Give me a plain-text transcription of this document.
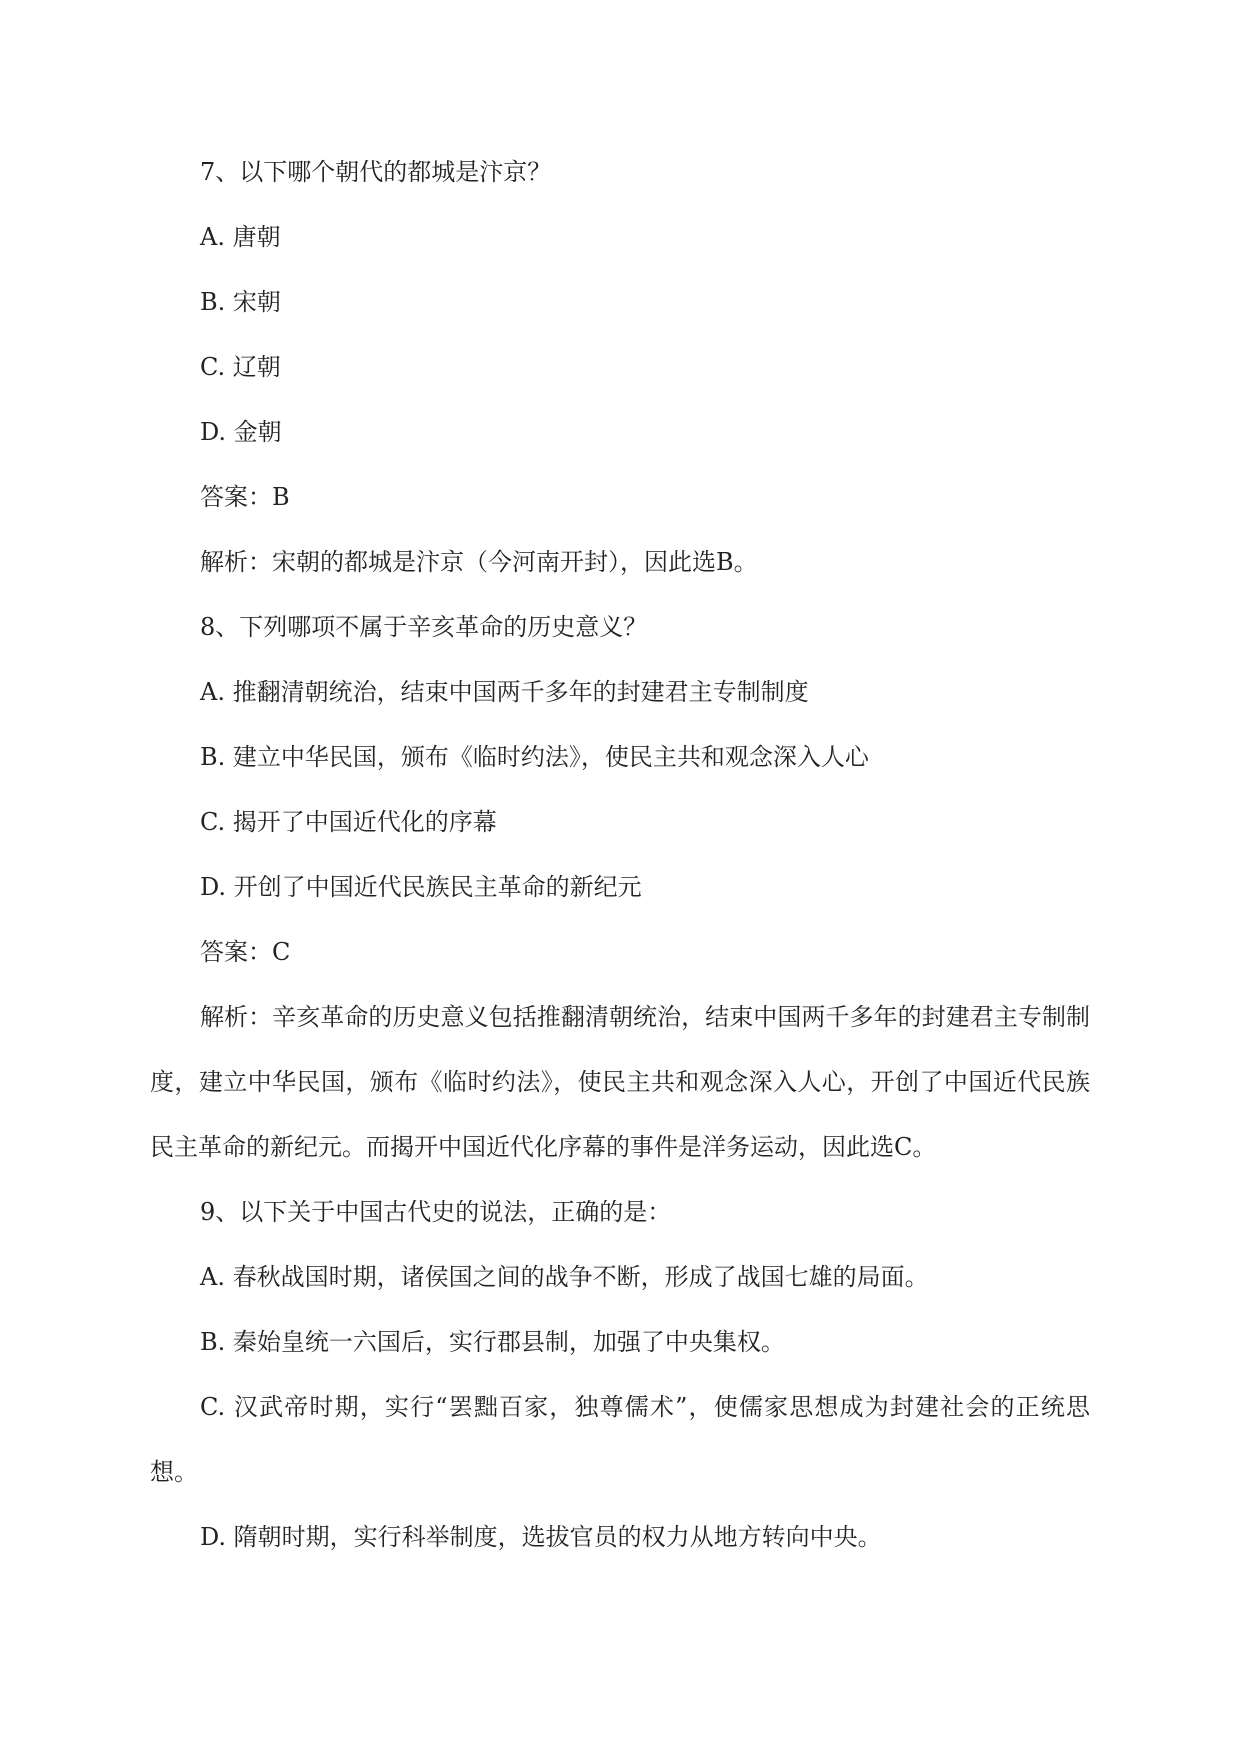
7、以下哪个朝代的都城是汴京？
A. 唐朝
B. 宋朝
C. 辽朝
D. 金朝
答案：B
解析：宋朝的都城是汴京（今河南开封），因此选B。
8、下列哪项不属于辛亥革命的历史意义？
A. 推翻清朝统治，结束中国两千多年的封建君主专制制度
B. 建立中华民国，颁布《临时约法》，使民主共和观念深入人心
C. 揭开了中国近代化的序幕
D. 开创了中国近代民族民主革命的新纪元
答案：C

解析：辛亥革命的历史意义包括推翻清朝统治，结束中国两千多年的封建君主专制制度，建立中华民国，颁布《临时约法》，使民主共和观念深入人心，开创了中国近代民族民主革命的新纪元。而揭开中国近代化序幕的事件是洋务运动，因此选C。

9、以下关于中国古代史的说法，正确的是：
A. 春秋战国时期，诸侯国之间的战争不断，形成了战国七雄的局面。
B. 秦始皇统一六国后，实行郡县制，加强了中央集权。

C. 汉武帝时期，实行“罢黜百家，独尊儒术”，使儒家思想成为封建社会的正统思想。

D. 隋朝时期，实行科举制度，选拔官员的权力从地方转向中央。
